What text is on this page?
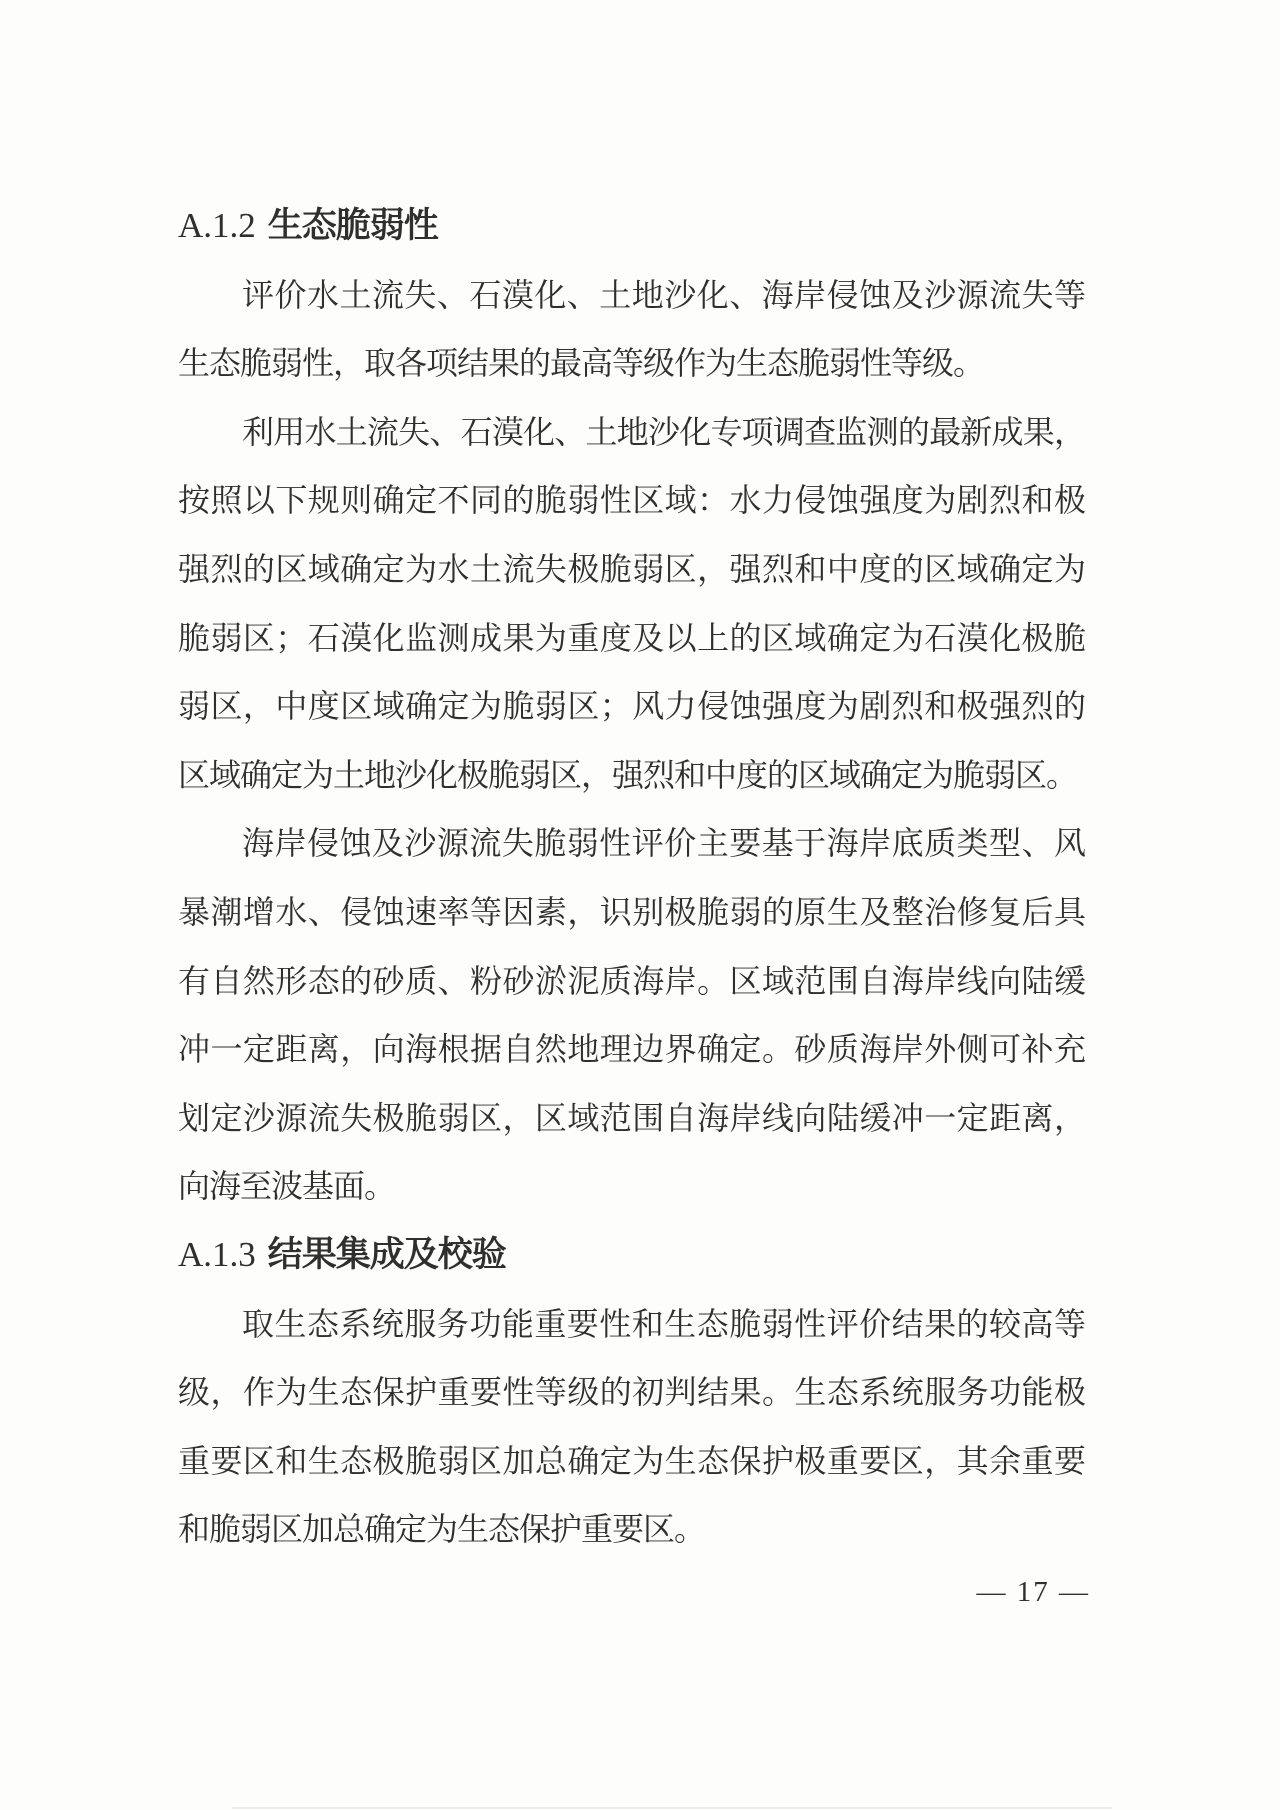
A.1.2 生态脆弱性
评价水土流失、石漠化、土地沙化、海岸侵蚀及沙源流失等
生态脆弱性，取各项结果的最高等级作为生态脆弱性等级。
利用水土流失、石漠化、土地沙化专项调查监测的最新成果，
按照以下规则确定不同的脆弱性区域：水力侵蚀强度为剧烈和极
强烈的区域确定为水土流失极脆弱区，强烈和中度的区域确定为
脆弱区；石漠化监测成果为重度及以上的区域确定为石漠化极脆
弱区，中度区域确定为脆弱区；风力侵蚀强度为剧烈和极强烈的
区域确定为土地沙化极脆弱区，强烈和中度的区域确定为脆弱区。
海岸侵蚀及沙源流失脆弱性评价主要基于海岸底质类型、风
暴潮增水、侵蚀速率等因素，识别极脆弱的原生及整治修复后具
有自然形态的砂质、粉砂淤泥质海岸。区域范围自海岸线向陆缓
冲一定距离，向海根据自然地理边界确定。砂质海岸外侧可补充
划定沙源流失极脆弱区，区域范围自海岸线向陆缓冲一定距离，
向海至波基面。
A.1.3 结果集成及校验
取生态系统服务功能重要性和生态脆弱性评价结果的较高等
级，作为生态保护重要性等级的初判结果。生态系统服务功能极
重要区和生态极脆弱区加总确定为生态保护极重要区，其余重要
和脆弱区加总确定为生态保护重要区。
— 17 —
